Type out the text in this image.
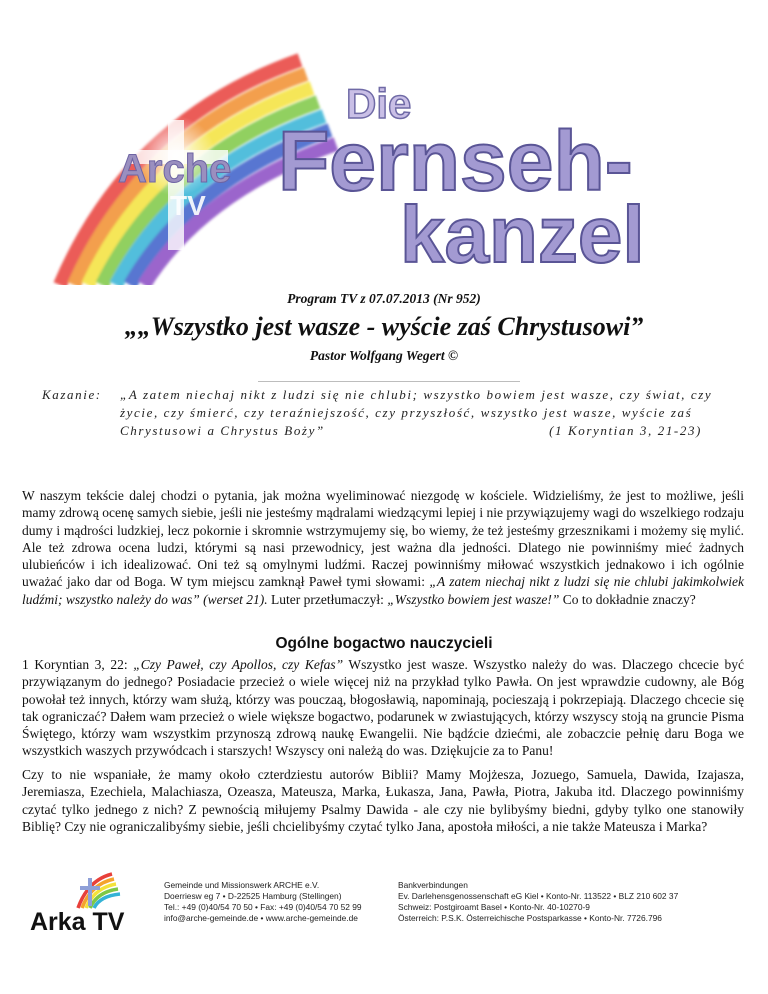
Arche
TV
Die
Fernseh-
kanzel
Program TV z 07.07.2013 (Nr 952)
„„Wszystko jest wasze - wyście zaś Chrystusowi”
Pastor Wolfgang Wegert ©
Kazanie: „A zatem niechaj nikt z ludzi się nie chlubi; wszystko bowiem jest wasze, czy świat, czy życie, czy śmierć, czy teraźniejszość, czy przyszłość, wszystko jest wasze, wyście zaś Chrystusowi a Chrystus Boży”	(1 Koryntian 3, 21-23)
W naszym tekście dalej chodzi o pytania, jak można wyeliminować niezgodę w kościele. Widzieliśmy, że jest to możliwe, jeśli mamy zdrową ocenę samych siebie, jeśli nie jesteśmy mądralami wiedzącymi lepiej i nie przywiązujemy wagi do wszelkiego rodzaju dumy i mądrości ludzkiej, lecz pokornie i skromnie wstrzymujemy się, bo wiemy, że też jesteśmy grzesznikami i możemy się mylić. Ale też zdrowa ocena ludzi, którymi są nasi przewodnicy, jest ważna dla jedności. Dlatego nie powinniśmy mieć żadnych ulubieńców i ich idealizować. Oni też są omylnymi ludźmi. Raczej powinniśmy miłować wszystkich jednakowo i ich ogólnie uważać jako dar od Boga. W tym miejscu zamknął Paweł tymi słowami: „A zatem niechaj nikt z ludzi się nie chlubi jakimkolwiek ludźmi; wszystko należy do was” (werset 21). Luter przetłumaczył: „Wszystko bowiem jest wasze!” Co to dokładnie znaczy?
Ogólne bogactwo nauczycieli
1 Koryntian 3, 22: „Czy Paweł, czy Apollos, czy Kefas” Wszystko jest wasze. Wszystko należy do was. Dlaczego chcecie być przywiązanym do jednego? Posiadacie przecież o wiele więcej niż na przykład tylko Pawła. On jest wprawdzie cudowny, ale Bóg powołał też innych, którzy wam służą, którzy was pouczaą, błogosławią, napominają, pocieszają i pokrzepiają. Dlaczego chcecie się tak ograniczać? Dałem wam przecież o wiele większe bogactwo, podarunek w zwiastujących, którzy wszyscy stoją na gruncie Pisma Świętego, którzy wam wszystkim przynoszą zdrową naukę Ewangelii. Nie bądźcie dziećmi, ale zobaczcie pełnię daru Boga we wszystkich waszych przywódcach i starszych! Wszyscy oni należą do was. Dziękujcie za to Panu!
Czy to nie wspaniałe, że mamy około czterdziestu autorów Biblii? Mamy Mojżesza, Jozuego, Samuela, Dawida, Izajasza, Jeremiasza, Ezechiela, Malachiasza, Ozeasza, Mateusza, Marka, Łukasza, Jana, Pawła, Piotra, Jakuba itd. Dlaczego powinniśmy czytać tylko jednego z nich? Z pewnością miłujemy Psalmy Dawida - ale czy nie bylibyśmy biedni, gdyby tylko one stanowiły Biblię? Czy nie ograniczalibyśmy siebie, jeśli chcielibyśmy czytać tylko Jana, apostoła miłości, a nie także Mateusza i Marka?
Arka TV
Gemeinde und Missionswerk ARCHE e.V.
Doerriesw eg 7 • D-22525 Hamburg (Stellingen)
Tel.: +49 (0)40/54 70 50 • Fax: +49 (0)40/54 70 52 99
info@arche-gemeinde.de • www.arche-gemeinde.de
Bankverbindungen
Ev. Darlehensgenossenschaft eG Kiel • Konto-Nr. 113522 • BLZ 210 602 37
Schweiz: Postgiroamt Basel • Konto-Nr. 40-10270-9
Österreich: P.S.K. Österreichische Postsparkasse • Konto-Nr. 7726.796
